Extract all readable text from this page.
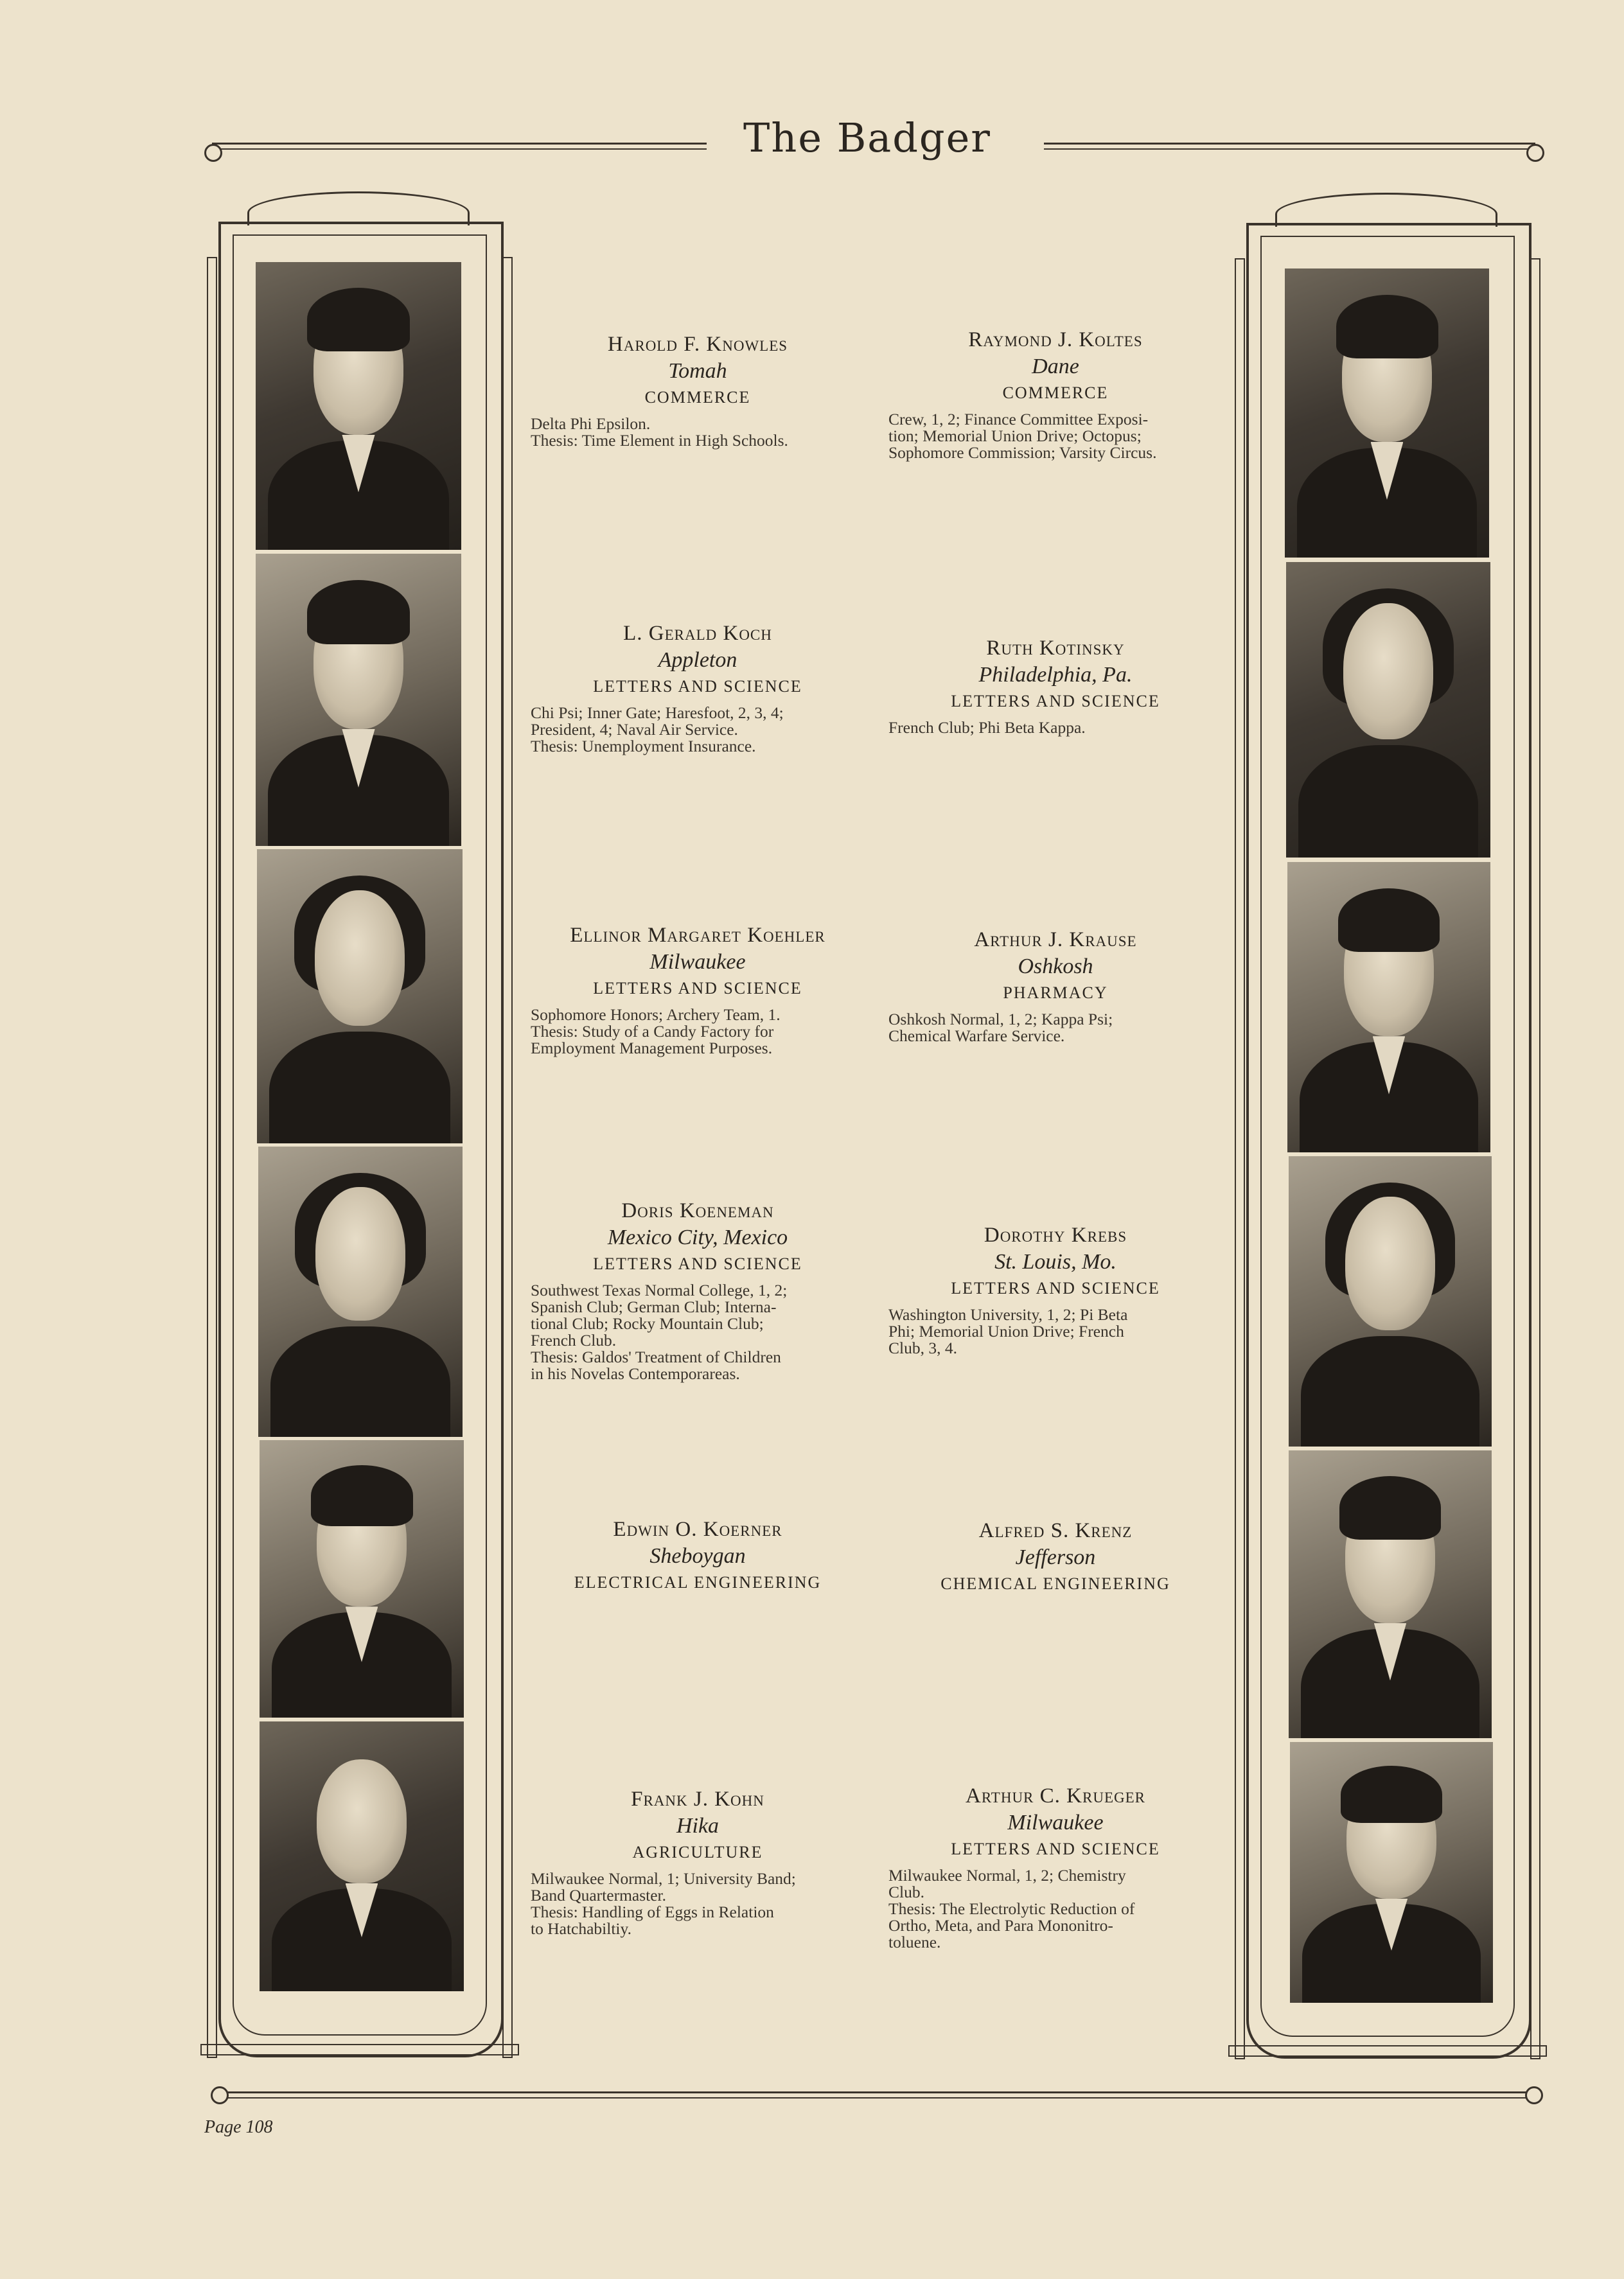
The Badger
Harold F. Knowles
Tomah
COMMERCE
Delta Phi Epsilon.
Thesis: Time Element in High Schools.
L. Gerald Koch
Appleton
LETTERS AND SCIENCE
Chi Psi; Inner Gate; Haresfoot, 2, 3, 4;
President, 4; Naval Air Service.
Thesis: Unemployment Insurance.
Ellinor Margaret Koehler
Milwaukee
LETTERS AND SCIENCE
Sophomore Honors; Archery Team, 1.
Thesis: Study of a Candy Factory for
Employment Management Purposes.
Doris Koeneman
Mexico City, Mexico
LETTERS AND SCIENCE
Southwest Texas Normal College, 1, 2;
Spanish Club; German Club; Interna-
tional Club; Rocky Mountain Club;
French Club.
Thesis: Galdos' Treatment of Children
in his Novelas Contemporareas.
Edwin O. Koerner
Sheboygan
ELECTRICAL ENGINEERING
Frank J. Kohn
Hika
AGRICULTURE
Milwaukee Normal, 1; University Band;
Band Quartermaster.
Thesis: Handling of Eggs in Relation
to Hatchabiltiy.
Raymond J. Koltes
Dane
COMMERCE
Crew, 1, 2; Finance Committee Exposi-
tion; Memorial Union Drive; Octopus;
Sophomore Commission; Varsity Circus.
Ruth Kotinsky
Philadelphia, Pa.
LETTERS AND SCIENCE
French Club; Phi Beta Kappa.
Arthur J. Krause
Oshkosh
PHARMACY
Oshkosh Normal, 1, 2; Kappa Psi;
Chemical Warfare Service.
Dorothy Krebs
St. Louis, Mo.
LETTERS AND SCIENCE
Washington University, 1, 2; Pi Beta
Phi; Memorial Union Drive; French
Club, 3, 4.
Alfred S. Krenz
Jefferson
CHEMICAL ENGINEERING
Arthur C. Krueger
Milwaukee
LETTERS AND SCIENCE
Milwaukee Normal, 1, 2; Chemistry
Club.
Thesis: The Electrolytic Reduction of
Ortho, Meta, and Para Mononitro-
toluene.
Page 108
